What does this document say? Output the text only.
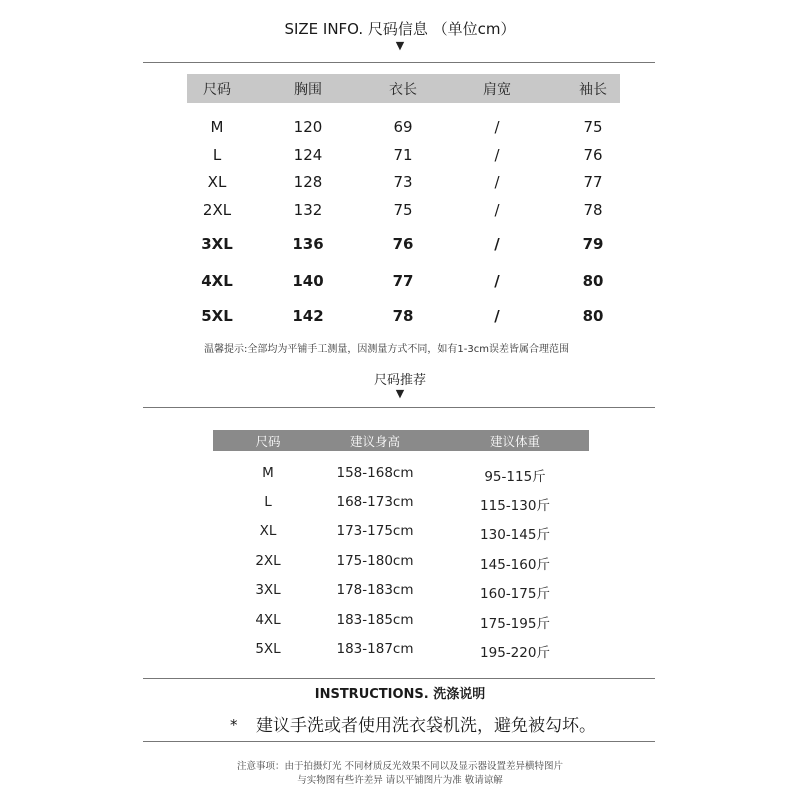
SIZE INFO. 尺码信息 （单位cm）
▼
尺码	胸围	衣长	肩宽	袖长
M	120	69	/	75
L	124	71	/	76
XL	128	73	/	77
2XL	132	75	/	78
3XL	136	76	/	79
4XL	140	77	/	80
5XL	142	78	/	80
温馨提示:全部均为平铺手工测量，因测量方式不同，如有1-3cm误差皆属合理范围
尺码推荐
▼
尺码	建议身高	建议体重
M	158-168cm	95-115斤
L	168-173cm	115-130斤
XL	173-175cm	130-145斤
2XL	175-180cm	145-160斤
3XL	178-183cm	160-175斤
4XL	183-185cm	175-195斤
5XL	183-187cm	195-220斤
INSTRUCTIONS. 洗涤说明
* 建议手洗或者使用洗衣袋机洗，避免被勾坏。
注意事项：由于拍摄灯光 不同材质反光效果不同以及显示器设置差异横特图片
与实物图有些许差异 请以平铺图片为准 敬请谅解
